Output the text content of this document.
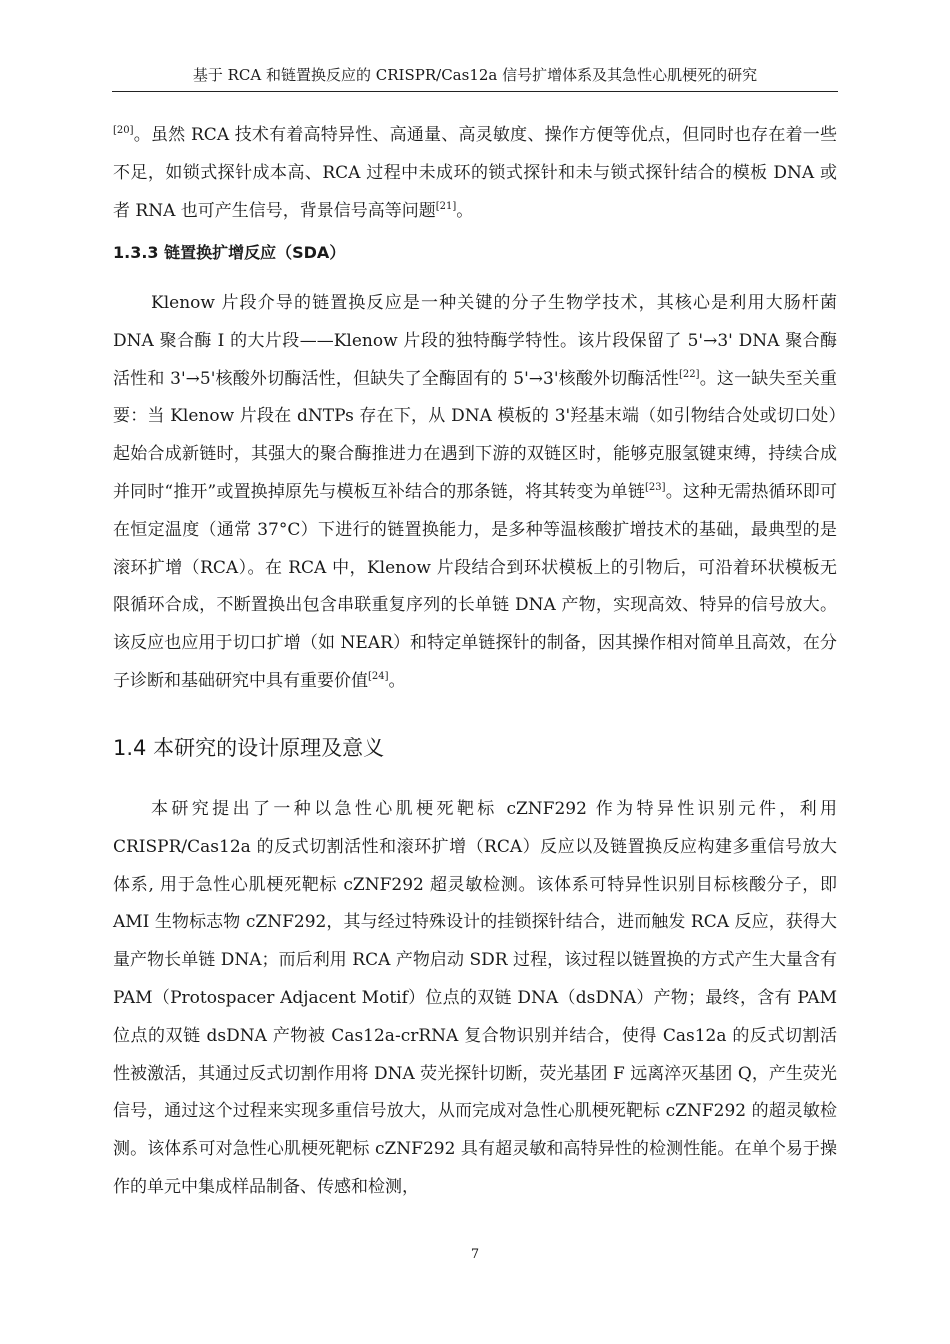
基于 RCA 和链置换反应的 CRISPR/Cas12a 信号扩增体系及其急性心肌梗死的研究

[20]。虽然 RCA 技术有着高特异性、高通量、高灵敏度、操作方便等优点，但同时也存在着一些不足，如锁式探针成本高、RCA 过程中未成环的锁式探针和未与锁式探针结合的模板 DNA 或者 RNA 也可产生信号，背景信号高等问题[21]。

1.3.3 链置换扩增反应（SDA）

Klenow 片段介导的链置换反应是一种关键的分子生物学技术，其核心是利用大肠杆菌 DNA 聚合酶 I 的大片段——Klenow 片段的独特酶学特性。该片段保留了 5'→3' DNA 聚合酶活性和 3'→5'核酸外切酶活性，但缺失了全酶固有的 5'→3'核酸外切酶活性[22]。这一缺失至关重要：当 Klenow 片段在 dNTPs 存在下，从 DNA 模板的 3'羟基末端（如引物结合处或切口处）起始合成新链时，其强大的聚合酶推进力在遇到下游的双链区时，能够克服氢键束缚，持续合成并同时“推开”或置换掉原先与模板互补结合的那条链，将其转变为单链[23]。这种无需热循环即可在恒定温度（通常 37°C）下进行的链置换能力，是多种等温核酸扩增技术的基础，最典型的是滚环扩增（RCA）。在 RCA 中，Klenow 片段结合到环状模板上的引物后，可沿着环状模板无限循环合成，不断置换出包含串联重复序列的长单链 DNA 产物，实现高效、特异的信号放大。该反应也应用于切口扩增（如 NEAR）和特定单链探针的制备，因其操作相对简单且高效，在分子诊断和基础研究中具有重要价值[24]。

1.4 本研究的设计原理及意义

本研究提出了一种以急性心肌梗死靶标 cZNF292 作为特异性识别元件，利用 CRISPR/Cas12a 的反式切割活性和滚环扩增（RCA）反应以及链置换反应构建多重信号放大体系, 用于急性心肌梗死靶标 cZNF292 超灵敏检测。该体系可特异性识别目标核酸分子，即 AMI 生物标志物 cZNF292，其与经过特殊设计的挂锁探针结合，进而触发 RCA 反应，获得大量产物长单链 DNA；而后利用 RCA 产物启动 SDR 过程，该过程以链置换的方式产生大量含有 PAM（Protospacer Adjacent Motif）位点的双链 DNA（dsDNA）产物；最终，含有 PAM 位点的双链 dsDNA 产物被 Cas12a-crRNA 复合物识别并结合，使得 Cas12a 的反式切割活性被激活，其通过反式切割作用将 DNA 荧光探针切断，荧光基团 F 远离淬灭基团 Q，产生荧光信号，通过这个过程来实现多重信号放大，从而完成对急性心肌梗死靶标 cZNF292 的超灵敏检测。该体系可对急性心肌梗死靶标 cZNF292 具有超灵敏和高特异性的检测性能。在单个易于操作的单元中集成样品制备、传感和检测，

7
